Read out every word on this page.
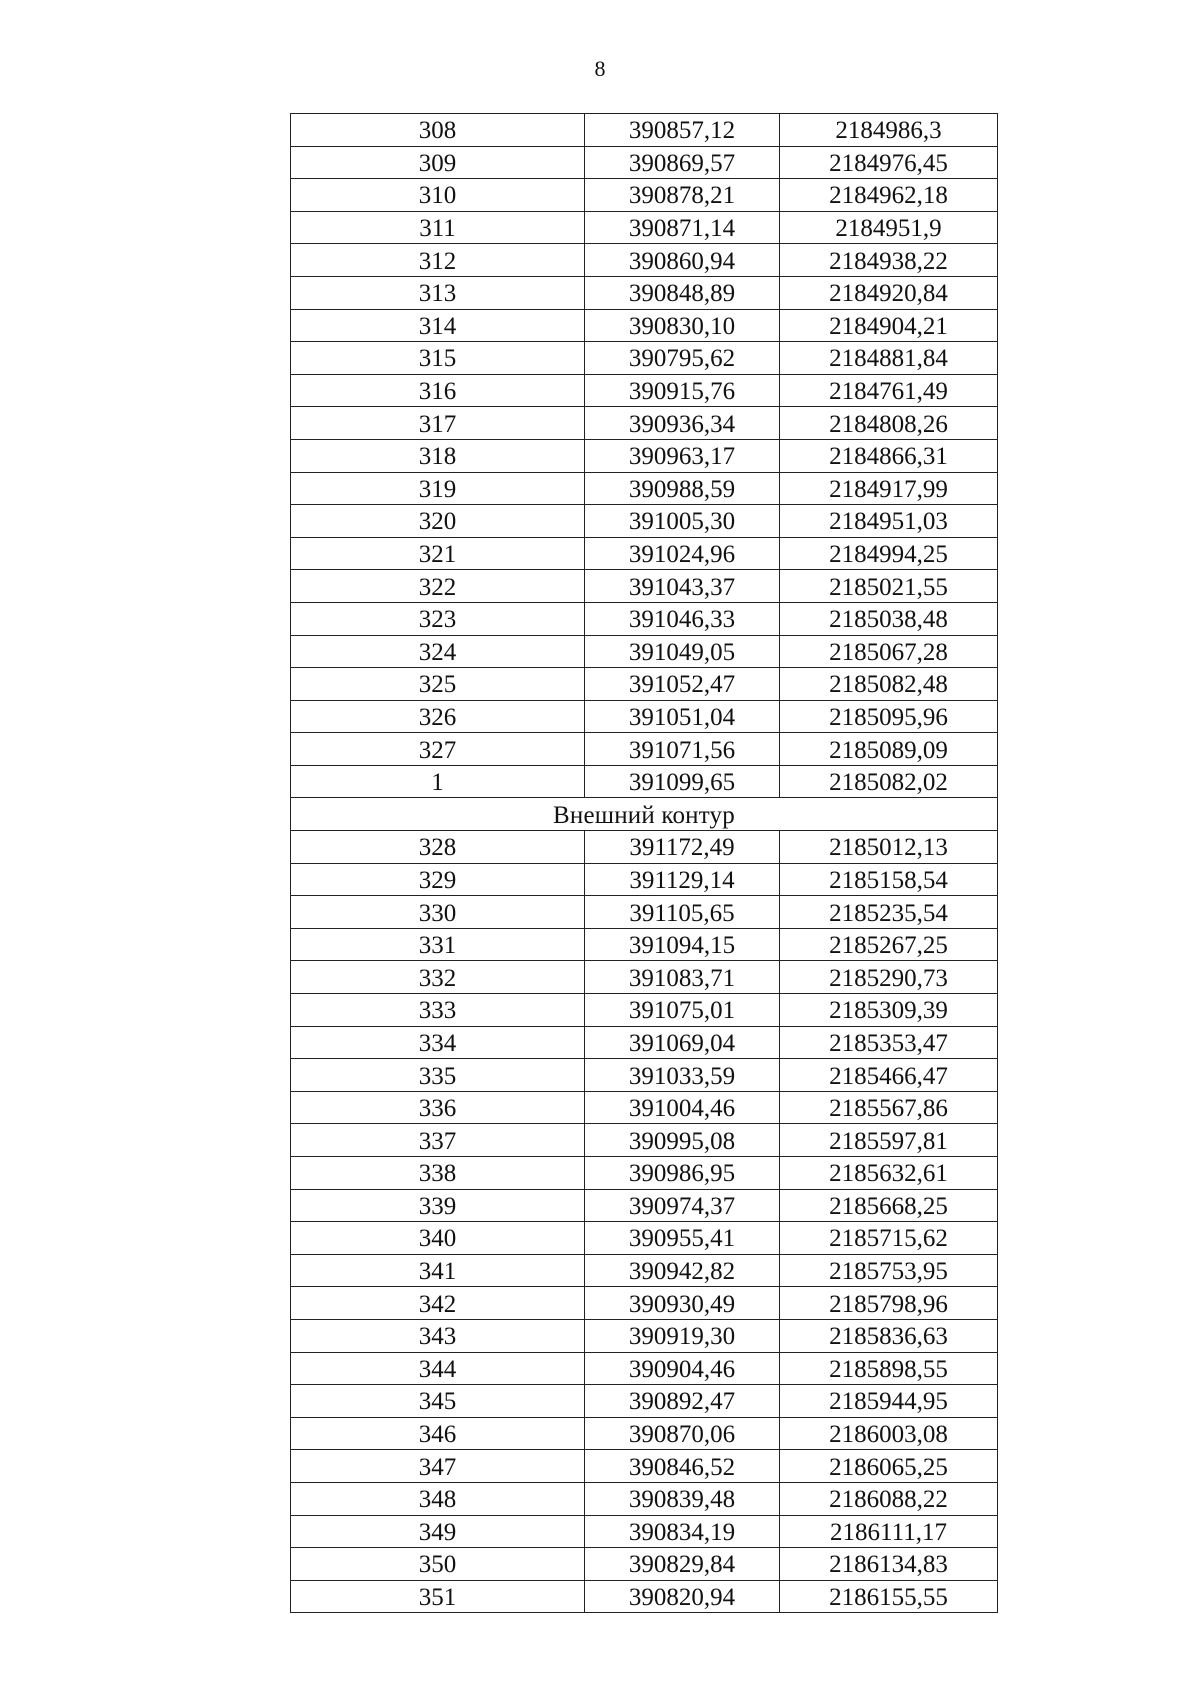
8
308	390857,12	2184986,3
309	390869,57	2184976,45
310	390878,21	2184962,18
311	390871,14	2184951,9
312	390860,94	2184938,22
313	390848,89	2184920,84
314	390830,10	2184904,21
315	390795,62	2184881,84
316	390915,76	2184761,49
317	390936,34	2184808,26
318	390963,17	2184866,31
319	390988,59	2184917,99
320	391005,30	2184951,03
321	391024,96	2184994,25
322	391043,37	2185021,55
323	391046,33	2185038,48
324	391049,05	2185067,28
325	391052,47	2185082,48
326	391051,04	2185095,96
327	391071,56	2185089,09
1	391099,65	2185082,02
Внешний контур		
328	391172,49	2185012,13
329	391129,14	2185158,54
330	391105,65	2185235,54
331	391094,15	2185267,25
332	391083,71	2185290,73
333	391075,01	2185309,39
334	391069,04	2185353,47
335	391033,59	2185466,47
336	391004,46	2185567,86
337	390995,08	2185597,81
338	390986,95	2185632,61
339	390974,37	2185668,25
340	390955,41	2185715,62
341	390942,82	2185753,95
342	390930,49	2185798,96
343	390919,30	2185836,63
344	390904,46	2185898,55
345	390892,47	2185944,95
346	390870,06	2186003,08
347	390846,52	2186065,25
348	390839,48	2186088,22
349	390834,19	2186111,17
350	390829,84	2186134,83
351	390820,94	2186155,55
